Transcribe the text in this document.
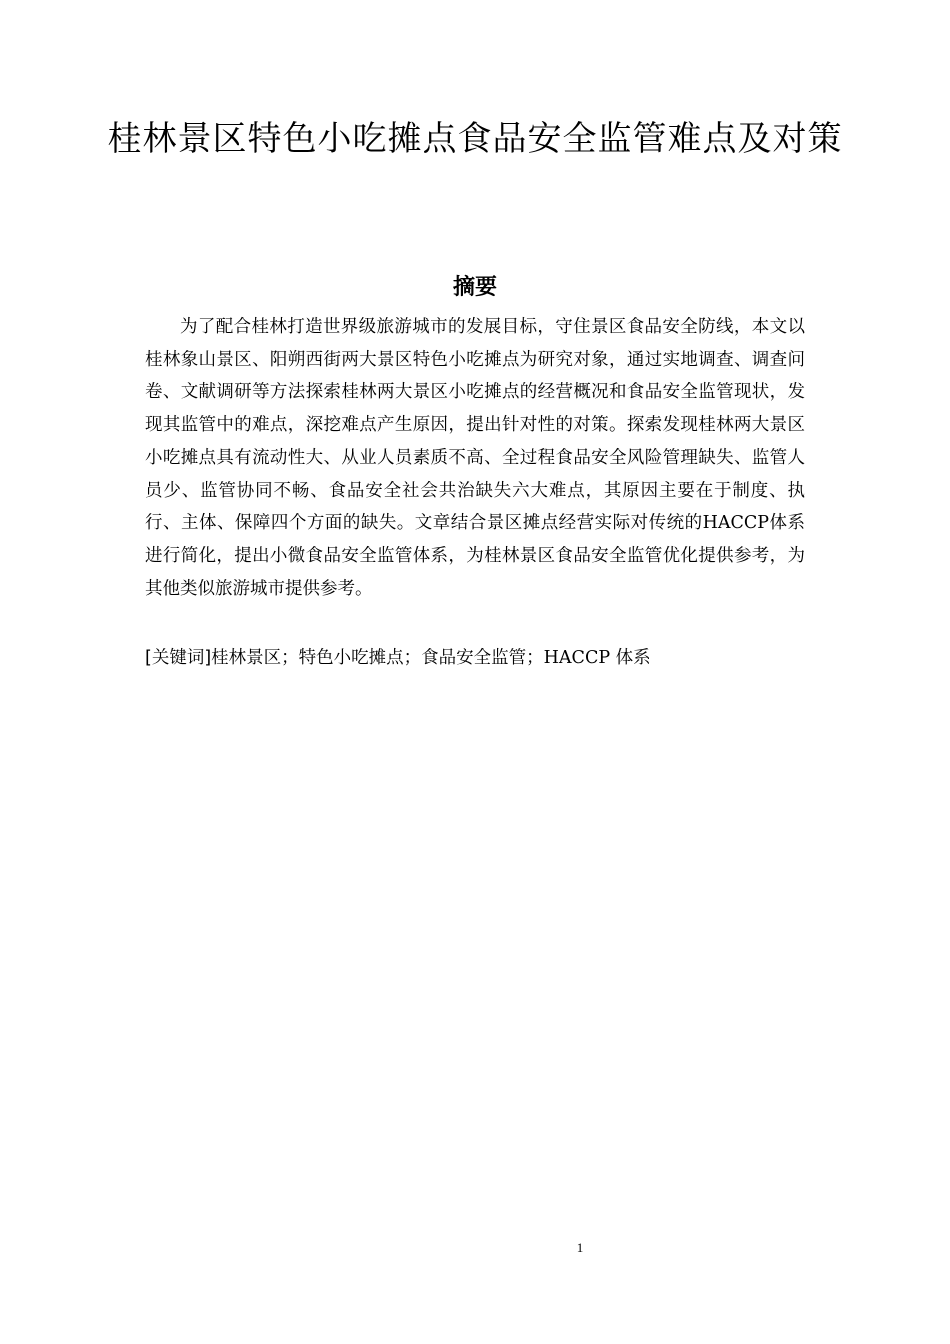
桂林景区特色小吃摊点食品安全监管难点及对策
摘要

为了配合桂林打造世界级旅游城市的发展目标，守住景区食品安全防线，本文以桂林象山景区、阳朔西街两大景区特色小吃摊点为研究对象，通过实地调查、调查问卷、文献调研等方法探索桂林两大景区小吃摊点的经营概况和食品安全监管现状，发现其监管中的难点，深挖难点产生原因，提出针对性的对策。探索发现桂林两大景区小吃摊点具有流动性大、从业人员素质不高、全过程食品安全风险管理缺失、监管人员少、监管协同不畅、食品安全社会共治缺失六大难点，其原因主要在于制度、执行、主体、保障四个方面的缺失。文章结合景区摊点经营实际对传统的HACCP体系进行简化，提出小微食品安全监管体系，为桂林景区食品安全监管优化提供参考，为其他类似旅游城市提供参考。

[关键词]桂林景区；特色小吃摊点；食品安全监管；HACCP 体系

1
